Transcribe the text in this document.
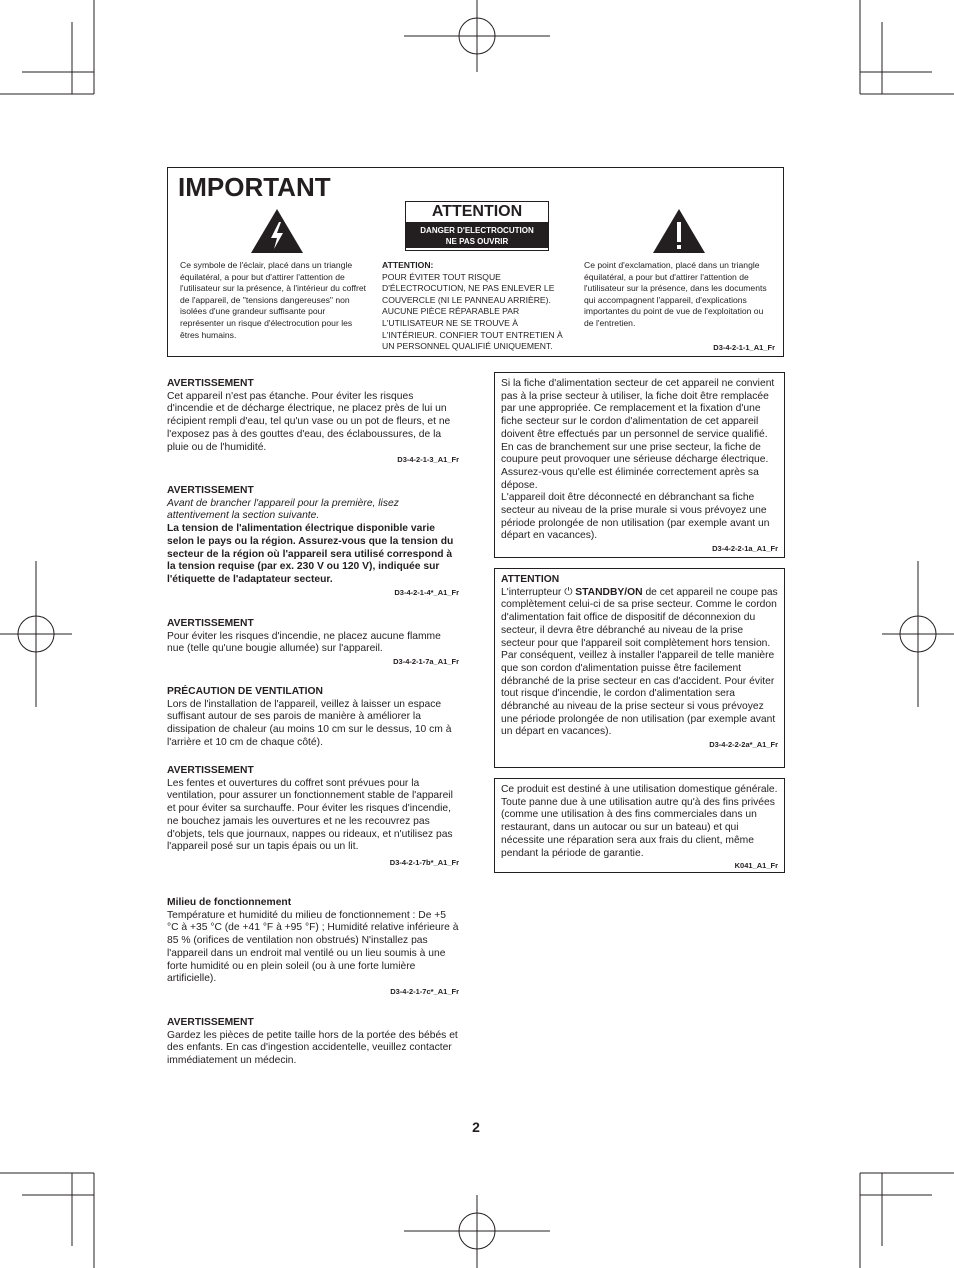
IMPORTANT
ATTENTION
DANGER D'ELECTROCUTION
NE PAS OUVRIR
Ce symbole de l'éclair, placé dans un triangle équilatéral, a pour but d'attirer l'attention de l'utilisateur sur la présence, à l'intérieur du coffret de l'appareil, de "tensions dangereuses" non isolées d'une grandeur suffisante pour représenter un risque d'électrocution pour les êtres humains.
ATTENTION:
POUR ÉVITER TOUT RISQUE D'ÉLECTROCUTION, NE PAS ENLEVER LE COUVERCLE (NI LE PANNEAU ARRIÈRE). AUCUNE PIÈCE RÉPARABLE PAR L'UTILISATEUR NE SE TROUVE À L'INTÉRIEUR. CONFIER TOUT ENTRETIEN À UN PERSONNEL QUALIFIÉ UNIQUEMENT.
Ce point d'exclamation, placé dans un triangle équilatéral, a pour but d'attirer l'attention de l'utilisateur sur la présence, dans les documents qui accompagnent l'appareil, d'explications importantes du point de vue de l'exploitation ou de l'entretien.
D3-4-2-1-1_A1_Fr
AVERTISSEMENT
Cet appareil n'est pas étanche. Pour éviter les risques d'incendie et de décharge électrique, ne placez près de lui un récipient rempli d'eau, tel qu'un vase ou un pot de fleurs, et ne l'exposez pas à des gouttes d'eau, des éclaboussures, de la pluie ou de l'humidité.
D3-4-2-1-3_A1_Fr
AVERTISSEMENT
Avant de brancher l'appareil pour la première, lisez attentivement la section suivante.
La tension de l'alimentation électrique disponible varie selon le pays ou la région. Assurez-vous que la tension du secteur de la région où l'appareil sera utilisé correspond à la tension requise (par ex. 230 V ou 120 V), indiquée sur l'étiquette de l'adaptateur secteur.
D3-4-2-1-4*_A1_Fr
AVERTISSEMENT
Pour éviter les risques d'incendie, ne placez aucune flamme nue (telle qu'une bougie allumée) sur l'appareil.
D3-4-2-1-7a_A1_Fr
PRÉCAUTION DE VENTILATION
Lors de l'installation de l'appareil, veillez à laisser un espace suffisant autour de ses parois de manière à améliorer la dissipation de chaleur (au moins 10 cm sur le dessus, 10 cm à l'arrière et 10 cm de chaque côté).
AVERTISSEMENT
Les fentes et ouvertures du coffret sont prévues pour la ventilation, pour assurer un fonctionnement stable de l'appareil et pour éviter sa surchauffe. Pour éviter les risques d'incendie, ne bouchez jamais les ouvertures et ne les recouvrez pas d'objets, tels que journaux, nappes ou rideaux, et n'utilisez pas l'appareil posé sur un tapis épais ou un lit.
D3-4-2-1-7b*_A1_Fr
Milieu de fonctionnement
Température et humidité du milieu de fonctionnement : De +5 °C à +35 °C (de +41 °F à +95 °F) ; Humidité relative inférieure à 85 % (orifices de ventilation non obstrués) N'installez pas l'appareil dans un endroit mal ventilé ou un lieu soumis à une forte humidité ou en plein soleil (ou à une forte lumière artificielle).
D3-4-2-1-7c*_A1_Fr
AVERTISSEMENT
Gardez les pièces de petite taille hors de la portée des bébés et des enfants. En cas d'ingestion accidentelle, veuillez contacter immédiatement un médecin.
Si la fiche d'alimentation secteur de cet appareil ne convient pas à la prise secteur à utiliser, la fiche doit être remplacée par une appropriée. Ce remplacement et la fixation d'une fiche secteur sur le cordon d'alimentation de cet appareil doivent être effectués par un personnel de service qualifié. En cas de branchement sur une prise secteur, la fiche de coupure peut provoquer une sérieuse décharge électrique. Assurez-vous qu'elle est éliminée correctement après sa dépose.
L'appareil doit être déconnecté en débranchant sa fiche secteur au niveau de la prise murale si vous prévoyez une période prolongée de non utilisation (par exemple avant un départ en vacances).
D3-4-2-2-1a_A1_Fr
ATTENTION
L'interrupteur ⏻ STANDBY/ON de cet appareil ne coupe pas complètement celui-ci de sa prise secteur. Comme le cordon d'alimentation fait office de dispositif de déconnexion du secteur, il devra être débranché au niveau de la prise secteur pour que l'appareil soit complètement hors tension. Par conséquent, veillez à installer l'appareil de telle manière que son cordon d'alimentation puisse être facilement débranché de la prise secteur en cas d'accident. Pour éviter tout risque d'incendie, le cordon d'alimentation sera débranché au niveau de la prise secteur si vous prévoyez une période prolongée de non utilisation (par exemple avant un départ en vacances).
D3-4-2-2-2a*_A1_Fr
Ce produit est destiné à une utilisation domestique générale. Toute panne due à une utilisation autre qu'à des fins privées (comme une utilisation à des fins commerciales dans un restaurant, dans un autocar ou sur un bateau) et qui nécessite une réparation sera aux frais du client, même pendant la période de garantie.
K041_A1_Fr
2
